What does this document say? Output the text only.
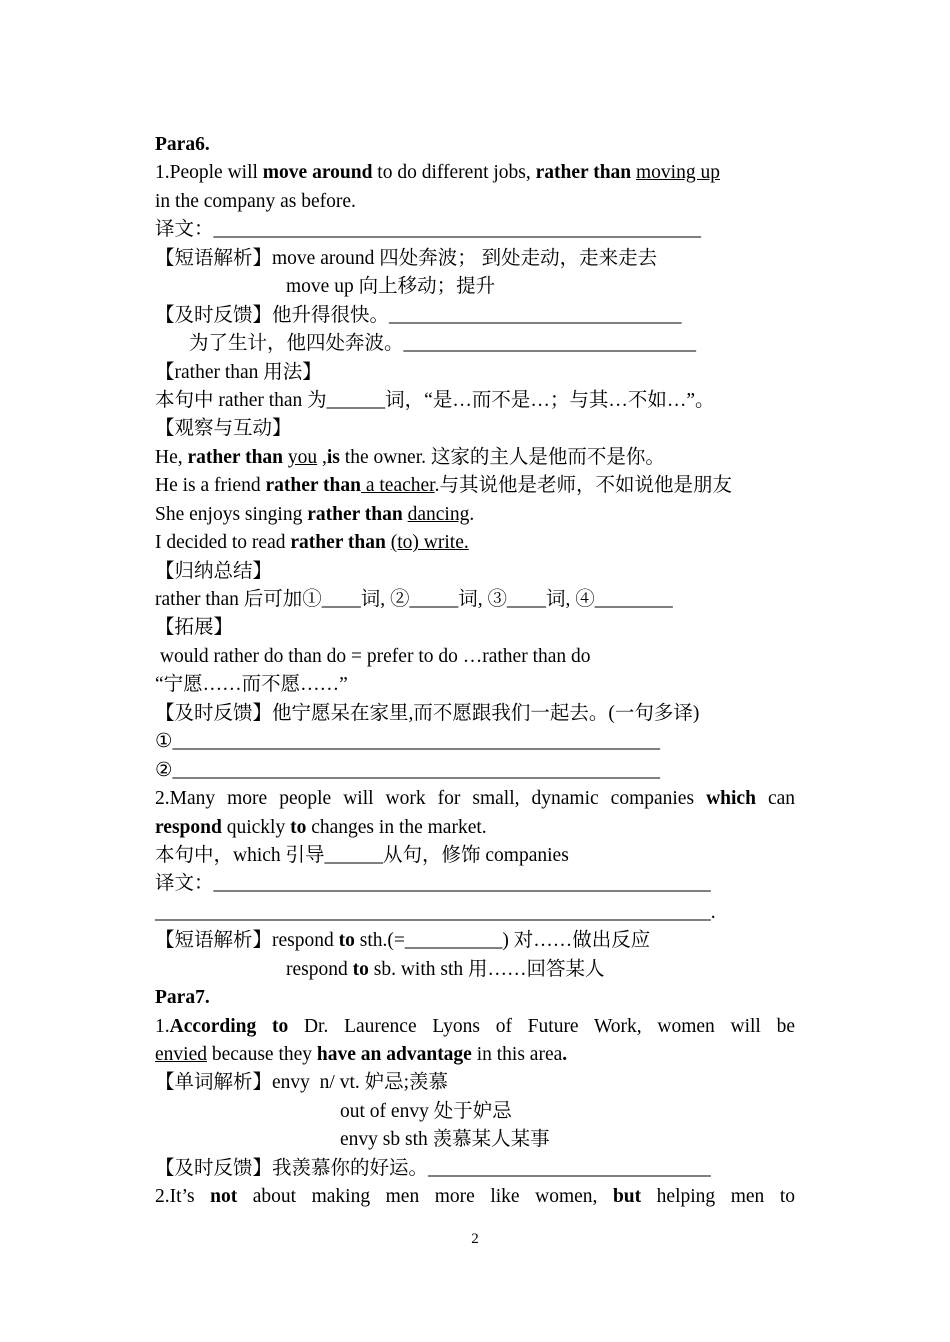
Para6.
1.People will move around to do different jobs, rather than moving up
in the company as before.
译文：__________________________________________________
【短语解析】move around 四处奔波； 到处走动，走来走去
move up 向上移动；提升
【及时反馈】他升得很快。______________________________
为了生计，他四处奔波。______________________________
【rather than 用法】
本句中 rather than 为______词，“是…而不是…；与其…不如…”。
【观察与互动】
He, rather than you ,is the owner. 这家的主人是他而不是你。
He is a friend rather than a teacher.与其说他是老师，不如说他是朋友
She enjoys singing rather than dancing.
I decided to read rather than (to) write.
【归纳总结】
rather than 后可加①____词, ②_____词, ③____词, ④________
【拓展】
would rather do than do = prefer to do …rather than do
“宁愿……而不愿……”
【及时反馈】他宁愿呆在家里,而不愿跟我们一起去。(一句多译)
①__________________________________________________
②__________________________________________________
2.Many more people will work for small, dynamic companies which can
respond quickly to changes in the market.
本句中，which 引导______从句，修饰 companies
译文：___________________________________________________
_________________________________________________________.
【短语解析】respond to sth.(=__________) 对……做出反应
respond to sb. with sth 用……回答某人
Para7.
1.According to Dr. Laurence Lyons of Future Work, women will be
envied because they have an advantage in this area.
【单词解析】envy  n/ vt. 妒忌;羡慕
out of envy 处于妒忌
envy sb sth 羡慕某人某事
【及时反馈】我羡慕你的好运。_____________________________
2.It’s not about making men more like women, but helping men to
2
